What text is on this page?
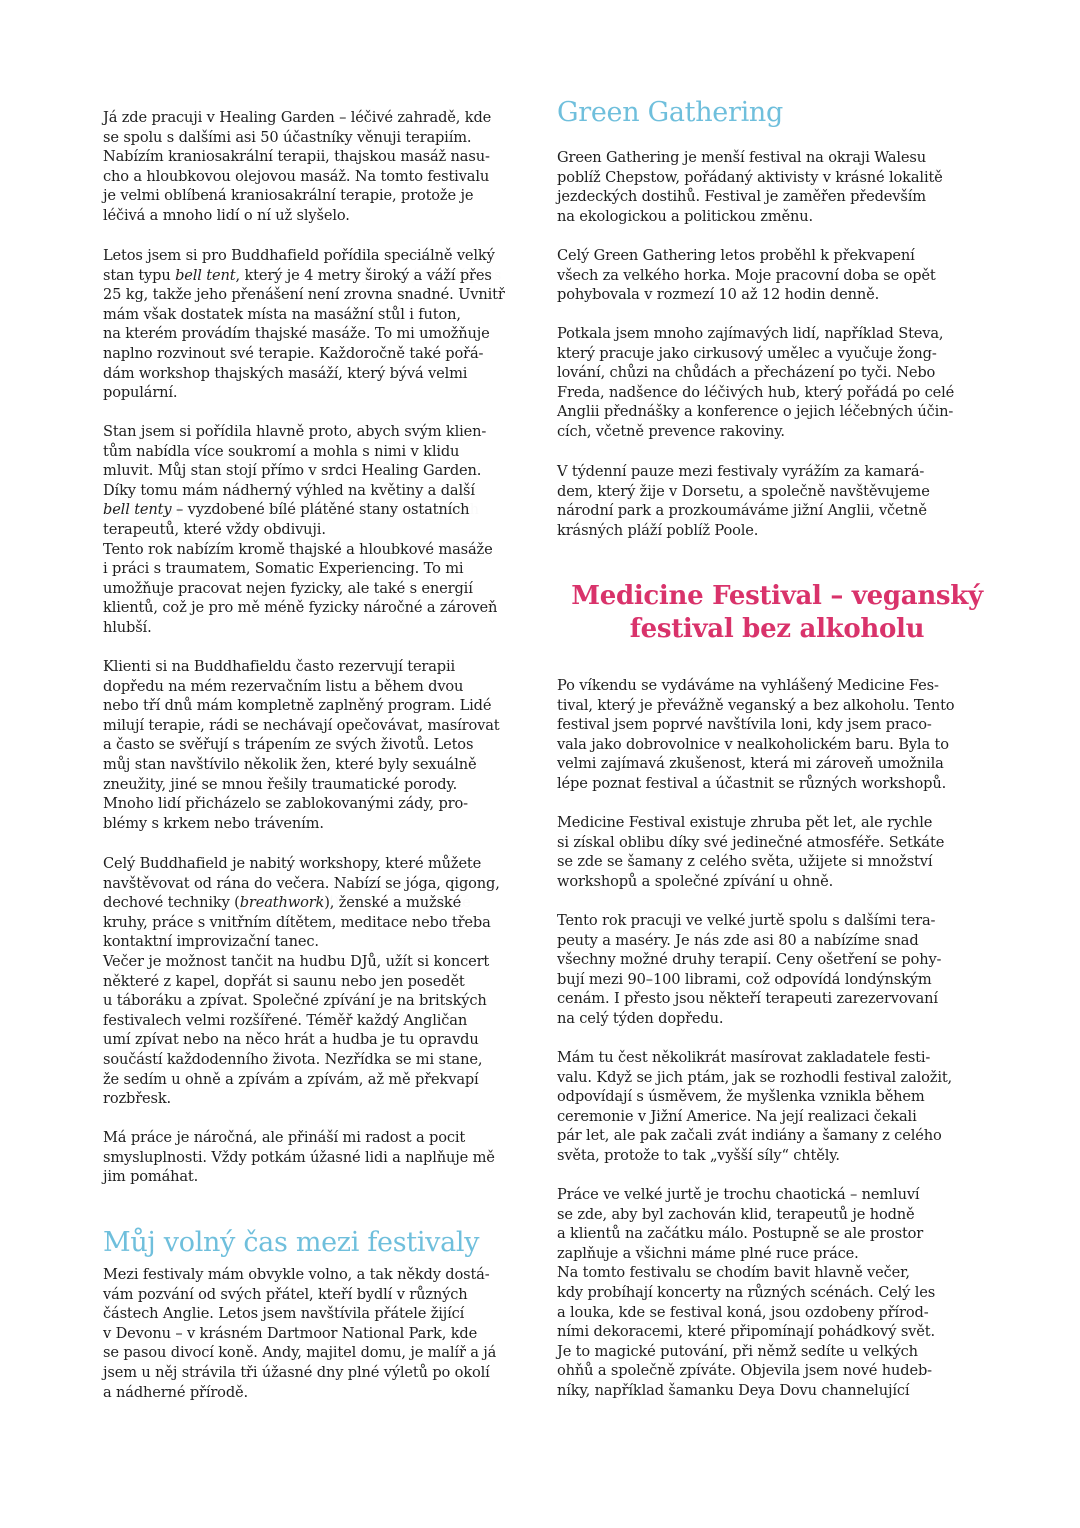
Já zde pracuji v Healing Garden – léčivé zahradě, kde
se spolu s dalšími asi 50 účastníky věnuji terapiím.
Nabízím kraniosakrální terapii, thajskou masáž nasu-
cho a hloubkovou olejovou masáž. Na tomto festivalu
je velmi oblíbená kraniosakrální terapie, protože je
léčivá a mnoho lidí o ní už slyšelo.
Letos jsem si pro Buddhafield pořídila speciálně velký
stan typu bell tent, který je 4 metry široký a váží přes
25 kg, takže jeho přenášení není zrovna snadné. Uvnitř
mám však dostatek místa na masážní stůl i futon,
na kterém provádím thajské masáže. To mi umožňuje
naplno rozvinout své terapie. Každoročně také pořá-
dám workshop thajských masáží, který bývá velmi
populární.
Stan jsem si pořídila hlavně proto, abych svým klien-
tům nabídla více soukromí a mohla s nimi v klidu
mluvit. Můj stan stojí přímo v srdci Healing Garden.
Díky tomu mám nádherný výhled na květiny a další
bell tenty – vyzdobené bílé plátěné stany ostatních
terapeutů, které vždy obdivuji.
Tento rok nabízím kromě thajské a hloubkové masáže
i práci s traumatem, Somatic Experiencing. To mi
umožňuje pracovat nejen fyzicky, ale také s energií
klientů, což je pro mě méně fyzicky náročné a zároveň
hlubší.
Klienti si na Buddhafieldu často rezervují terapii
dopředu na mém rezervačním listu a během dvou
nebo tří dnů mám kompletně zaplněný program. Lidé
milují terapie, rádi se nechávají opečovávat, masírovat
a často se svěřují s trápením ze svých životů. Letos
můj stan navštívilo několik žen, které byly sexuálně
zneužity, jiné se mnou řešily traumatické porody.
Mnoho lidí přicházelo se zablokovanými zády, pro-
blémy s krkem nebo trávením.
Celý Buddhafield je nabitý workshopy, které můžete
navštěvovat od rána do večera. Nabízí se jóga, qigong,
dechové techniky (breathwork), ženské a mužské
kruhy, práce s vnitřním dítětem, meditace nebo třeba
kontaktní improvizační tanec.
Večer je možnost tančit na hudbu DJů, užít si koncert
některé z kapel, dopřát si saunu nebo jen posedět
u táboráku a zpívat. Společné zpívání je na britských
festivalech velmi rozšířené. Téměř každý Angličan
umí zpívat nebo na něco hrát a hudba je tu opravdu
součástí každodenního života. Nezřídka se mi stane,
že sedím u ohně a zpívám a zpívám, až mě překvapí
rozbřesk.
Má práce je náročná, ale přináší mi radost a pocit
smysluplnosti. Vždy potkám úžasné lidi a naplňuje mě
jim pomáhat.
Můj volný čas mezi festivaly
Mezi festivaly mám obvykle volno, a tak někdy dostá-
vám pozvání od svých přátel, kteří bydlí v různých
částech Anglie. Letos jsem navštívila přátele žijící
v Devonu – v krásném Dartmoor National Park, kde
se pasou divocí koně. Andy, majitel domu, je malíř a já
jsem u něj strávila tři úžasné dny plné výletů po okolí
a nádherné přírodě.
Green Gathering
Green Gathering je menší festival na okraji Walesu
poblíž Chepstow, pořádaný aktivisty v krásné lokalitě
jezdeckých dostihů. Festival je zaměřen především
na ekologickou a politickou změnu.
Celý Green Gathering letos proběhl k překvapení
všech za velkého horka. Moje pracovní doba se opět
pohybovala v rozmezí 10 až 12 hodin denně.
Potkala jsem mnoho zajímavých lidí, například Steva,
který pracuje jako cirkusový umělec a vyučuje žong-
lování, chůzi na chůdách a přecházení po tyči. Nebo
Freda, nadšence do léčivých hub, který pořádá po celé
Anglii přednášky a konference o jejich léčebných účin-
cích, včetně prevence rakoviny.
V týdenní pauze mezi festivaly vyrážím za kamará-
dem, který žije v Dorsetu, a společně navštěvujeme
národní park a prozkoumáváme jižní Anglii, včetně
krásných pláží poblíž Poole.
Medicine Festival – veganský
festival bez alkoholu
Po víkendu se vydáváme na vyhlášený Medicine Fes-
tival, který je převážně veganský a bez alkoholu. Tento
festival jsem poprvé navštívila loni, kdy jsem praco-
vala jako dobrovolnice v nealkoholickém baru. Byla to
velmi zajímavá zkušenost, která mi zároveň umožnila
lépe poznat festival a účastnit se různých workshopů.
Medicine Festival existuje zhruba pět let, ale rychle
si získal oblibu díky své jedinečné atmosféře. Setkáte
se zde se šamany z celého světa, užijete si množství
workshopů a společné zpívání u ohně.
Tento rok pracuji ve velké jurtě spolu s dalšími tera-
peuty a maséry. Je nás zde asi 80 a nabízíme snad
všechny možné druhy terapií. Ceny ošetření se pohy-
bují mezi 90–100 librami, což odpovídá londýnským
cenám. I přesto jsou někteří terapeuti zarezervovaní
na celý týden dopředu.
Mám tu čest několikrát masírovat zakladatele festi-
valu. Když se jich ptám, jak se rozhodli festival založit,
odpovídají s úsměvem, že myšlenka vznikla během
ceremonie v Jižní Americe. Na její realizaci čekali
pár let, ale pak začali zvát indiány a šamany z celého
světa, protože to tak „vyšší síly“ chtěly.
Práce ve velké jurtě je trochu chaotická – nemluví
se zde, aby byl zachován klid, terapeutů je hodně
a klientů na začátku málo. Postupně se ale prostor
zaplňuje a všichni máme plné ruce práce.
Na tomto festivalu se chodím bavit hlavně večer,
kdy probíhají koncerty na různých scénách. Celý les
a louka, kde se festival koná, jsou ozdobeny přírod-
ními dekoracemi, které připomínají pohádkový svět.
Je to magické putování, při němž sedíte u velkých
ohňů a společně zpíváte. Objevila jsem nové hudeb-
níky, například šamanku Deya Dovu channelující
